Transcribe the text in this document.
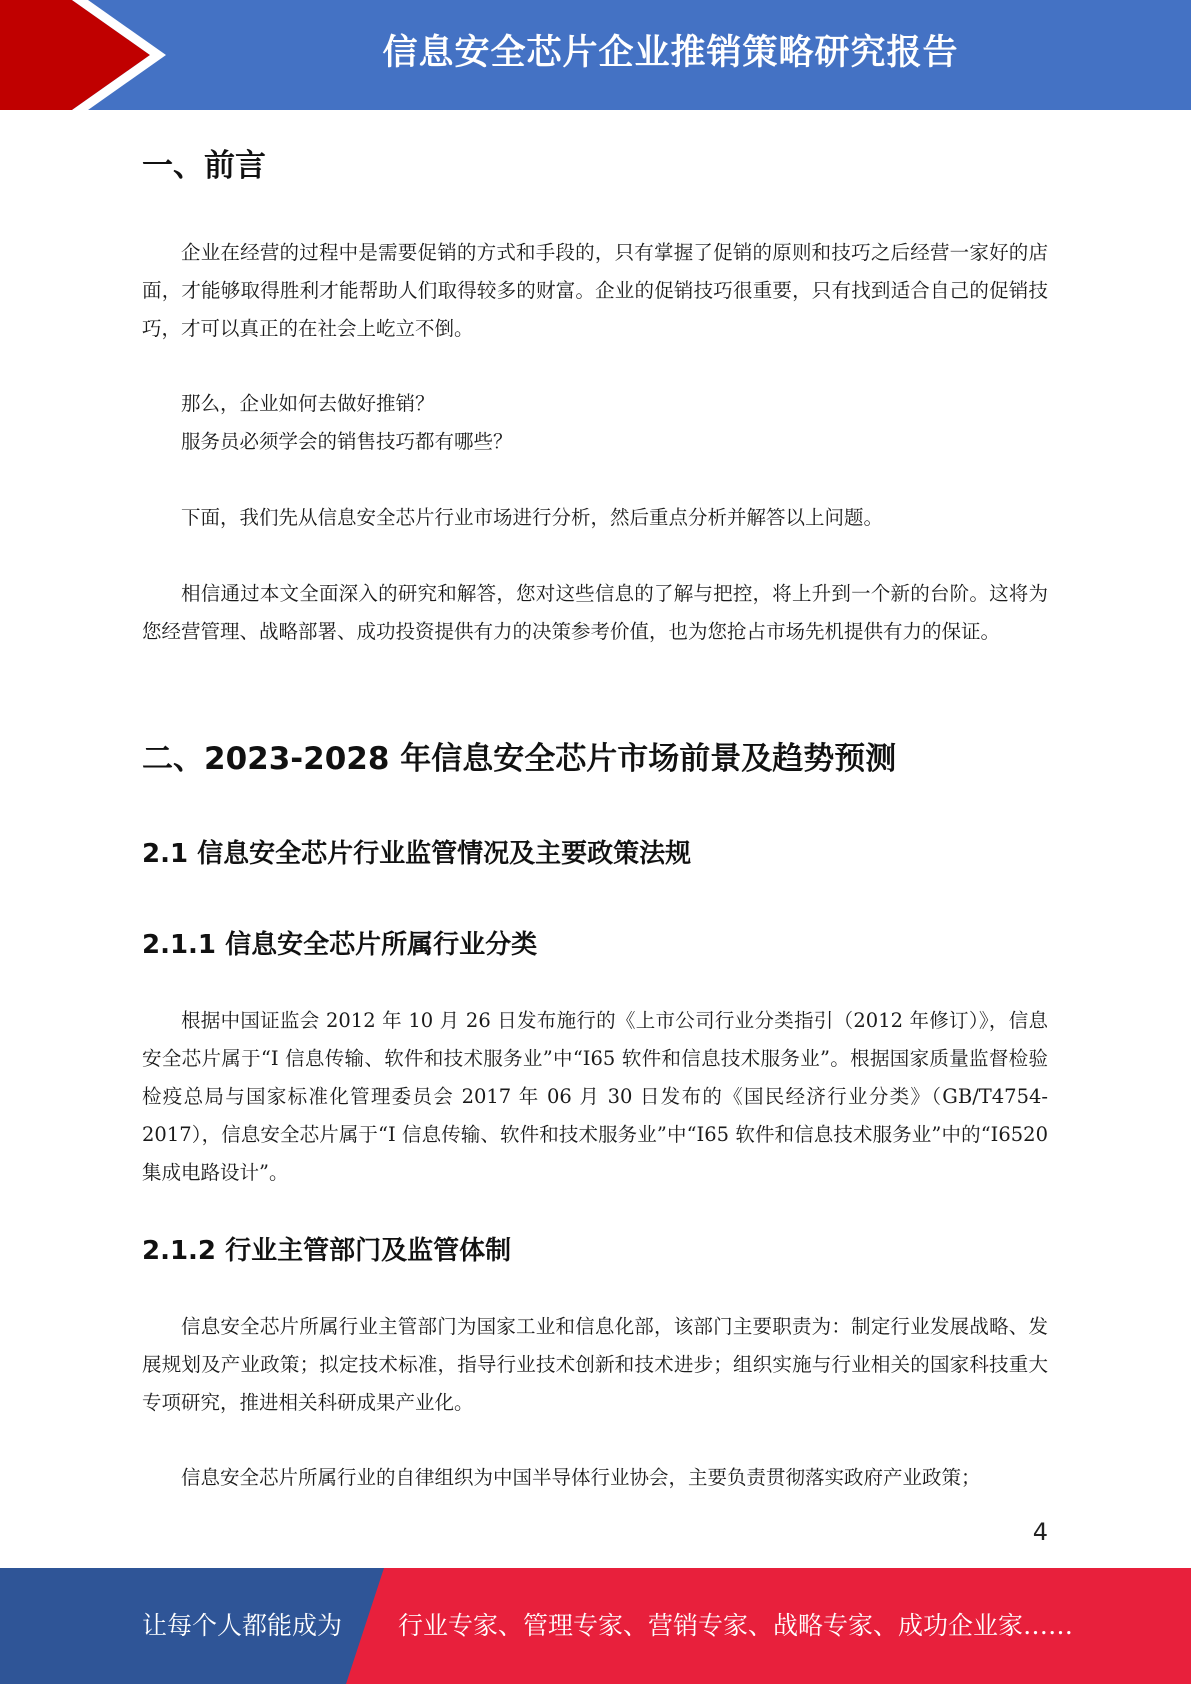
信息安全芯片企业推销策略研究报告
一、前言

企业在经营的过程中是需要促销的方式和手段的，只有掌握了促销的原则和技巧之后经营一家好的店面，才能够取得胜利才能帮助人们取得较多的财富。企业的促销技巧很重要，只有找到适合自己的促销技巧，才可以真正的在社会上屹立不倒。

那么，企业如何去做好推销？

服务员必须学会的销售技巧都有哪些？

下面，我们先从信息安全芯片行业市场进行分析，然后重点分析并解答以上问题。

相信通过本文全面深入的研究和解答，您对这些信息的了解与把控，将上升到一个新的台阶。这将为您经营管理、战略部署、成功投资提供有力的决策参考价值，也为您抢占市场先机提供有力的保证。

二、2023-2028 年信息安全芯片市场前景及趋势预测
2.1 信息安全芯片行业监管情况及主要政策法规
2.1.1 信息安全芯片所属行业分类

根据中国证监会 2012 年 10 月 26 日发布施行的《上市公司行业分类指引（2012 年修订）》，信息安全芯片属于“I 信息传输、软件和技术服务业”中“I65 软件和信息技术服务业”。根据国家质量监督检验检疫总局与国家标准化管理委员会 2017 年 06 月 30 日发布的《国民经济行业分类》（GB/T4754-2017），信息安全芯片属于“I 信息传输、软件和技术服务业”中“I65 软件和信息技术服务业”中的“I6520 集成电路设计”。

2.1.2 行业主管部门及监管体制

信息安全芯片所属行业主管部门为国家工业和信息化部，该部门主要职责为：制定行业发展战略、发展规划及产业政策；拟定技术标准，指导行业技术创新和技术进步；组织实施与行业相关的国家科技重大专项研究，推进相关科研成果产业化。

信息安全芯片所属行业的自律组织为中国半导体行业协会，主要负责贯彻落实政府产业政策；

4
让每个人都能成为 行业专家、管理专家、营销专家、战略专家、成功企业家……
